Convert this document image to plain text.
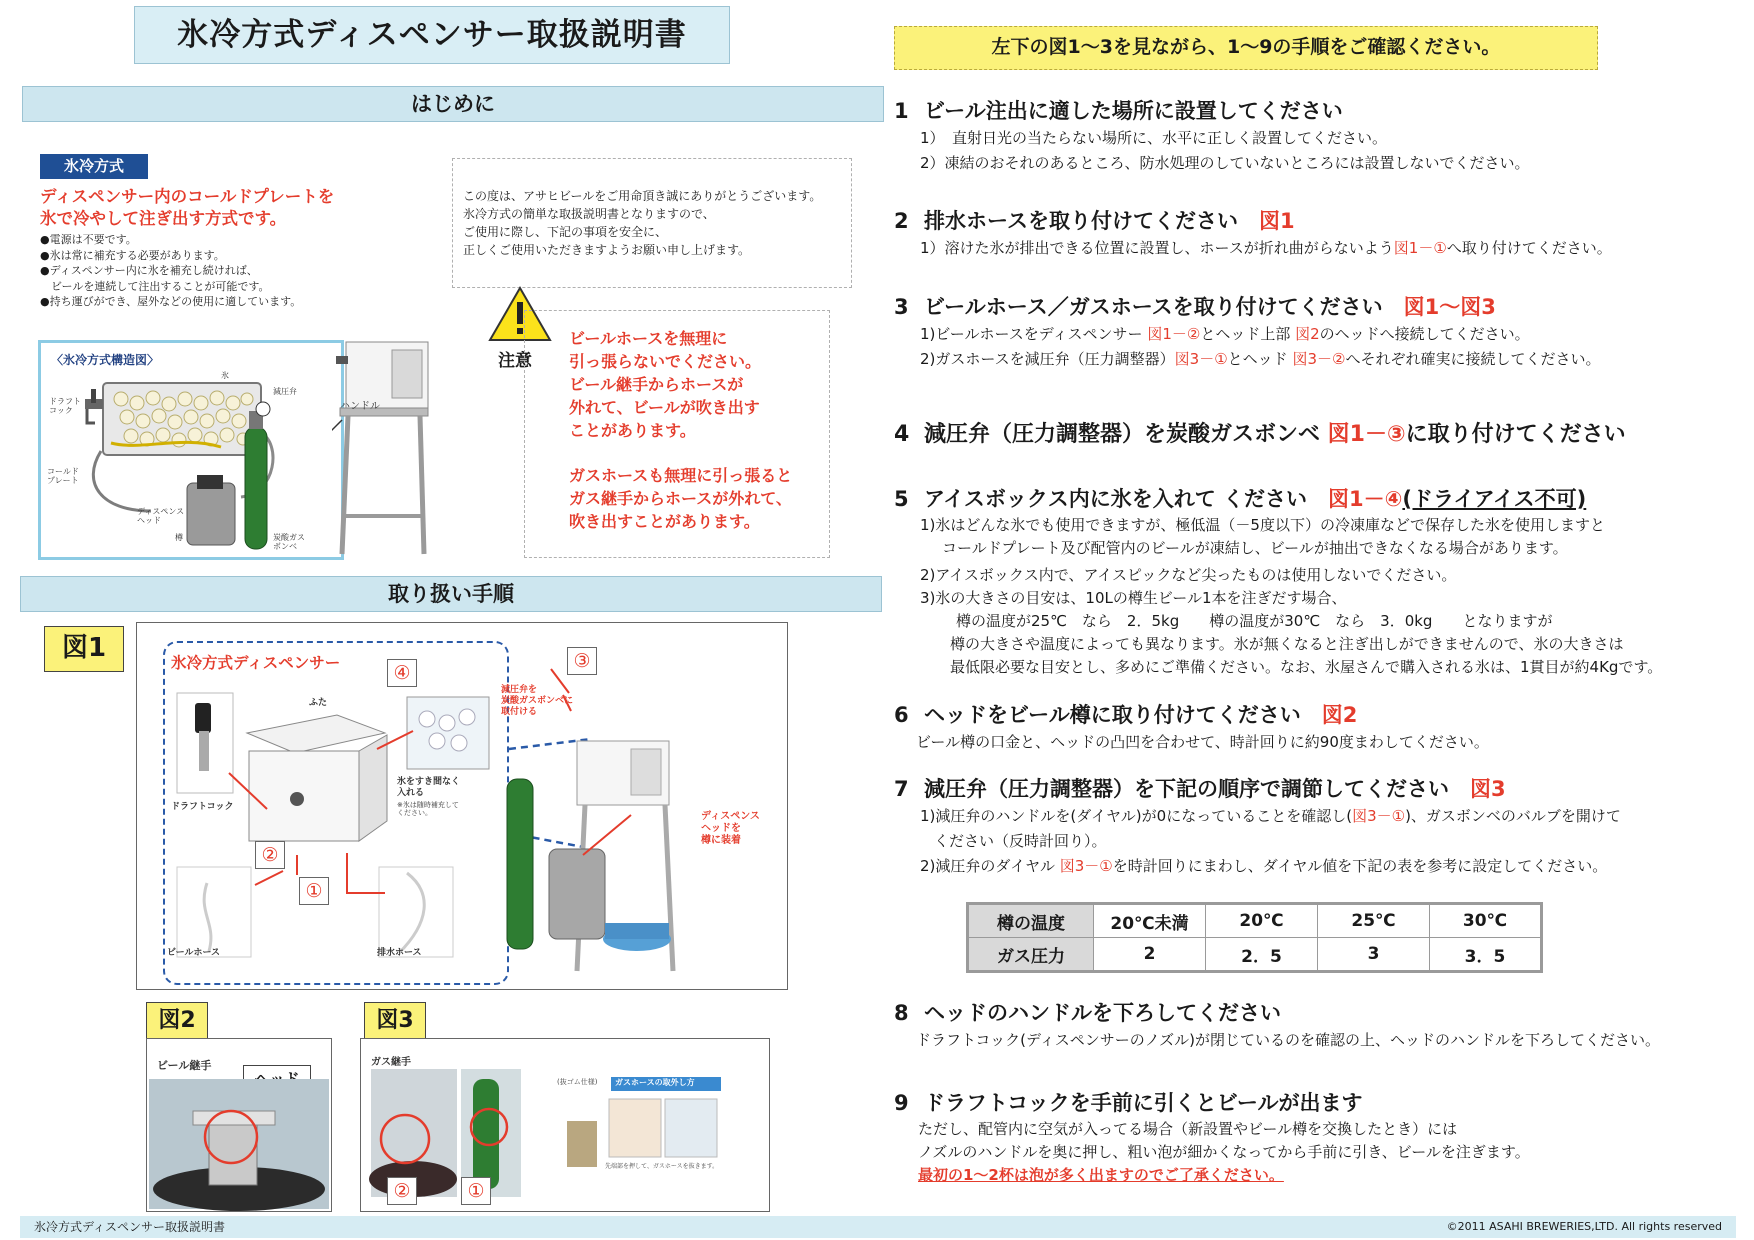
氷冷方式ディスペンサー取扱説明書	左下の図1～3を見ながら、1～9の手順をご確認ください。
はじめに
取り扱い手順
氷冷方式
ディスペンサー内のコールドプレートを
氷で冷やして注ぎ出す方式です。
●電源は不要です。
●氷は常に補充する必要があります。
●ディスペンサー内に氷を補充し続ければ、
　ビールを連続して注出することが可能です。
●持ち運びができ、屋外などの使用に適しています。
この度は、アサヒビールをご用命頂き誠にありがとうございます。
氷冷方式の簡単な取扱説明書となりますので、
ご使用に際し、下記の事項を安全に、
正しくご使用いただきますようお願い申し上げます。
〈氷冷方式構造図〉
ドラフト
コック
氷
減圧弁
コールド
プレート
ディスペンス
ヘッド
樽	炭酸ガス
ボンベ
ハンドル
注意
ビールホースを無理に
引っ張らないでください。
ビール継手からホースが
外れて、ビールが吹き出す
ことがあります。
ガスホースも無理に引っ張ると
ガス継手からホースが外れて、
吹き出すことがあります。
図1	氷冷方式ディスペンサー
ふた
ドラフトコック
ビールホース	排水ホース
氷をすき間なく
入れる
※氷は随時補充して
ください。
減圧弁を
炭酸ガスボンベに
取付ける
ディスペンス
ヘッドを
樽に装着
④
③
②
①
図2
ビール継手
図3
ガス継手
ガスホースの取外し方
(抜ゴム仕様)
先端部を押して、ガスホースを抜きます。
②	①
1 ビール注出に適した場所に設置してください
1）　直射日光の当たらない場所に、水平に正しく設置してください。
2）凍結のおそれのあるところ、防水処理のしていないところには設置しないでください。
2 排水ホースを取り付けてください　 図1
1）溶けた氷が排出できる位置に設置し、ホースが折れ曲がらないよう図1－①へ取り付けてください。
3 ビールホース／ガスホースを取り付けてください　 図1～図3
1)ビールホースをディスペンサー 図1－②とヘッド上部 図2のヘッドへ接続してください。
2)ガスホースを減圧弁（圧力調整器）図3－①とヘッド 図3－②へそれぞれ確実に接続してください。
4 減圧弁（圧力調整器）を炭酸ガスボンベ 図1－③に取り付けてください
5 アイスボックス内に氷を入れて ください　 図1－④(ドライアイス不可)
1)氷はどんな氷でも使用できますが、極低温（－5度以下）の冷凍庫などで保存した氷を使用しますと
コールドプレート及び配管内のビールが凍結し、ビールが抽出できなくなる場合があります。
2)アイスボックス内で、アイスピックなど尖ったものは使用しないでください。
3)氷の大きさの目安は、10Lの樽生ビール1本を注ぎだす場合、
樽の温度が25℃　なら　2．5kg　　樽の温度が30℃　なら　3．0kg　　となりますが
樽の大きさや温度によっても異なります。氷が無くなると注ぎ出しができませんので、氷の大きさは
最低限必要な目安とし、多めにご準備ください。なお、氷屋さんで購入される氷は、1貫目が約4Kgです。
6 ヘッドをビール樽に取り付けてください　 図2
ビール樽の口金と、ヘッドの凸凹を合わせて、時計回りに約90度まわしてください。
7 減圧弁（圧力調整器）を下記の順序で調節してください　 図3
1)減圧弁のハンドルを(ダイヤル)が0になっていることを確認し(図3－①)、ガスボンベのバルブを開けて
ください（反時計回り）。
2)減圧弁のダイヤル 図3－①を時計回りにまわし、ダイヤル値を下記の表を参考に設定してください。
樽の温度	20℃未満	20℃	25℃	30℃
ガス圧力	2	2．5	3	3．5
8 ヘッドのハンドルを下ろしてください
ドラフトコック(ディスペンサーのノズル)が閉じているのを確認の上、ヘッドのハンドルを下ろしてください。
9 ドラフトコックを手前に引くとビールが出ます
ただし、配管内に空気が入ってる場合（新設置やビール樽を交換したとき）には
ノズルのハンドルを奥に押し、粗い泡が細かくなってから手前に引き、ビールを注ぎます。
最初の1～2杯は泡が多く出ますのでご了承ください。
氷冷方式ディスペンサー取扱説明書	©2011 ASAHI BREWERIES,LTD. All rights reserved
